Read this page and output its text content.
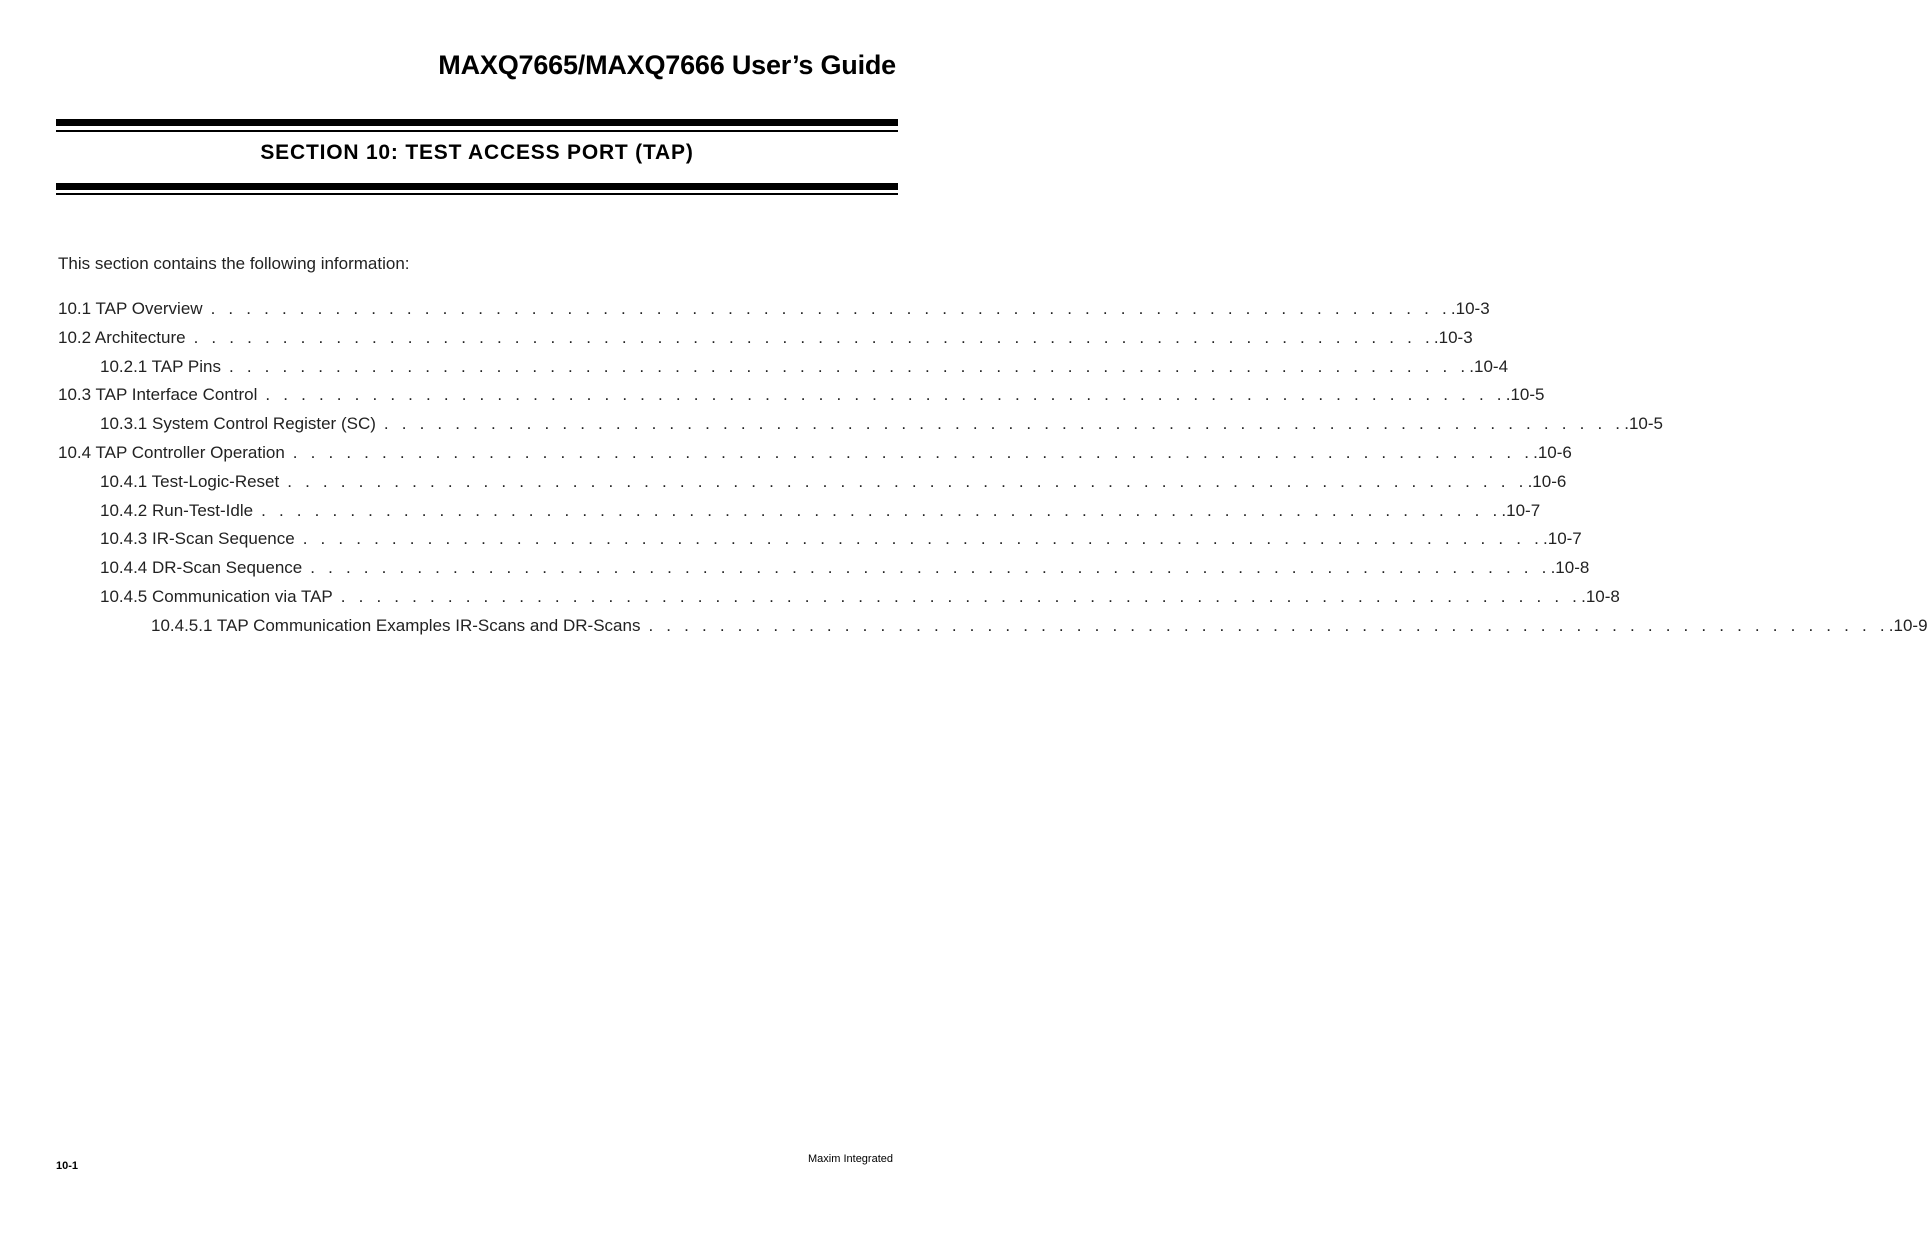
MAXQ7665/MAXQ7666 User’s Guide
SECTION 10: TEST ACCESS PORT (TAP)
This section contains the following information:
10.1 TAP Overview . . . . . . . . . . . . . . . . . . . . . . . . . . . . . . . . . . . . . . . . . . . . . . . . . . . . . . . . . . . . . . . . . . . . . . .10-3
10.2 Architecture . . . . . . . . . . . . . . . . . . . . . . . . . . . . . . . . . . . . . . . . . . . . . . . . . . . . . . . . . . . . . . . . . . . . . . .10-3
10.2.1 TAP Pins . . . . . . . . . . . . . . . . . . . . . . . . . . . . . . . . . . . . . . . . . . . . . . . . . . . . . . . . . . . . . . . . . . . . . . .10-4
10.3 TAP Interface Control . . . . . . . . . . . . . . . . . . . . . . . . . . . . . . . . . . . . . . . . . . . . . . . . . . . . . . . . . . . . . . . . . . . . . . .10-5
10.3.1 System Control Register (SC) . . . . . . . . . . . . . . . . . . . . . . . . . . . . . . . . . . . . . . . . . . . . . . . . . . . . . . . . . . . . . . . . . . . . . . .10-5
10.4 TAP Controller Operation . . . . . . . . . . . . . . . . . . . . . . . . . . . . . . . . . . . . . . . . . . . . . . . . . . . . . . . . . . . . . . . . . . . . . . .10-6
10.4.1 Test-Logic-Reset . . . . . . . . . . . . . . . . . . . . . . . . . . . . . . . . . . . . . . . . . . . . . . . . . . . . . . . . . . . . . . . . . . . . . . .10-6
10.4.2 Run-Test-Idle . . . . . . . . . . . . . . . . . . . . . . . . . . . . . . . . . . . . . . . . . . . . . . . . . . . . . . . . . . . . . . . . . . . . . . .10-7
10.4.3 IR-Scan Sequence . . . . . . . . . . . . . . . . . . . . . . . . . . . . . . . . . . . . . . . . . . . . . . . . . . . . . . . . . . . . . . . . . . . . . . .10-7
10.4.4 DR-Scan Sequence . . . . . . . . . . . . . . . . . . . . . . . . . . . . . . . . . . . . . . . . . . . . . . . . . . . . . . . . . . . . . . . . . . . . . . .10-8
10.4.5 Communication via TAP . . . . . . . . . . . . . . . . . . . . . . . . . . . . . . . . . . . . . . . . . . . . . . . . . . . . . . . . . . . . . . . . . . . . . . .10-8
10.4.5.1 TAP Communication Examples IR-Scans and DR-Scans . . . . . . . . . . . . . . . . . . . . . . . . . . . . . . . . . . . . . . . . . . . . . . . . . . . . . . . . . . . . . . . . . . . . . . .10-9
10-1
Maxim Integrated
